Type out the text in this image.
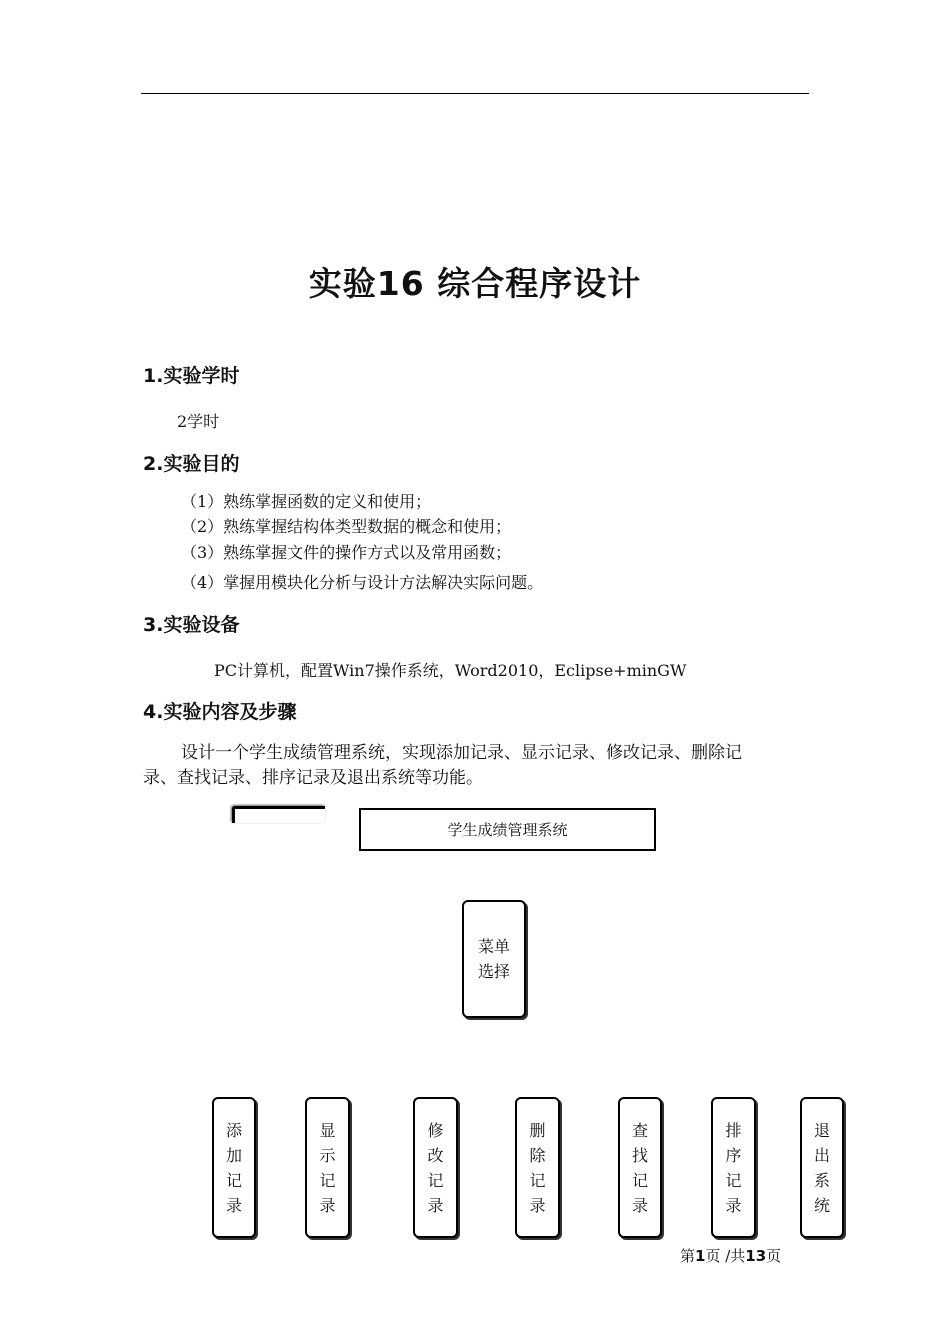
实验16 综合程序设计
1.实验学时
2学时
2.实验目的
（1）熟练掌握函数的定义和使用；
（2）熟练掌握结构体类型数据的概念和使用；
（3）熟练掌握文件的操作方式以及常用函数；
（4）掌握用模块化分析与设计方法解决实际问题。
3.实验设备
PC计算机，配置Win7操作系统，Word2010，Eclipse+minGW
4.实验内容及步骤
设计一个学生成绩管理系统，实现添加记录、显示记录、修改记录、删除记
录、查找记录、排序记录及退出系统等功能。
学生成绩管理系统
菜单
选择
添
加
记
录
显
示
记
录
修
改
记
录
删
除
记
录
查
找
记
录
排
序
记
录
退
出
系
统
第1页 /共13页
